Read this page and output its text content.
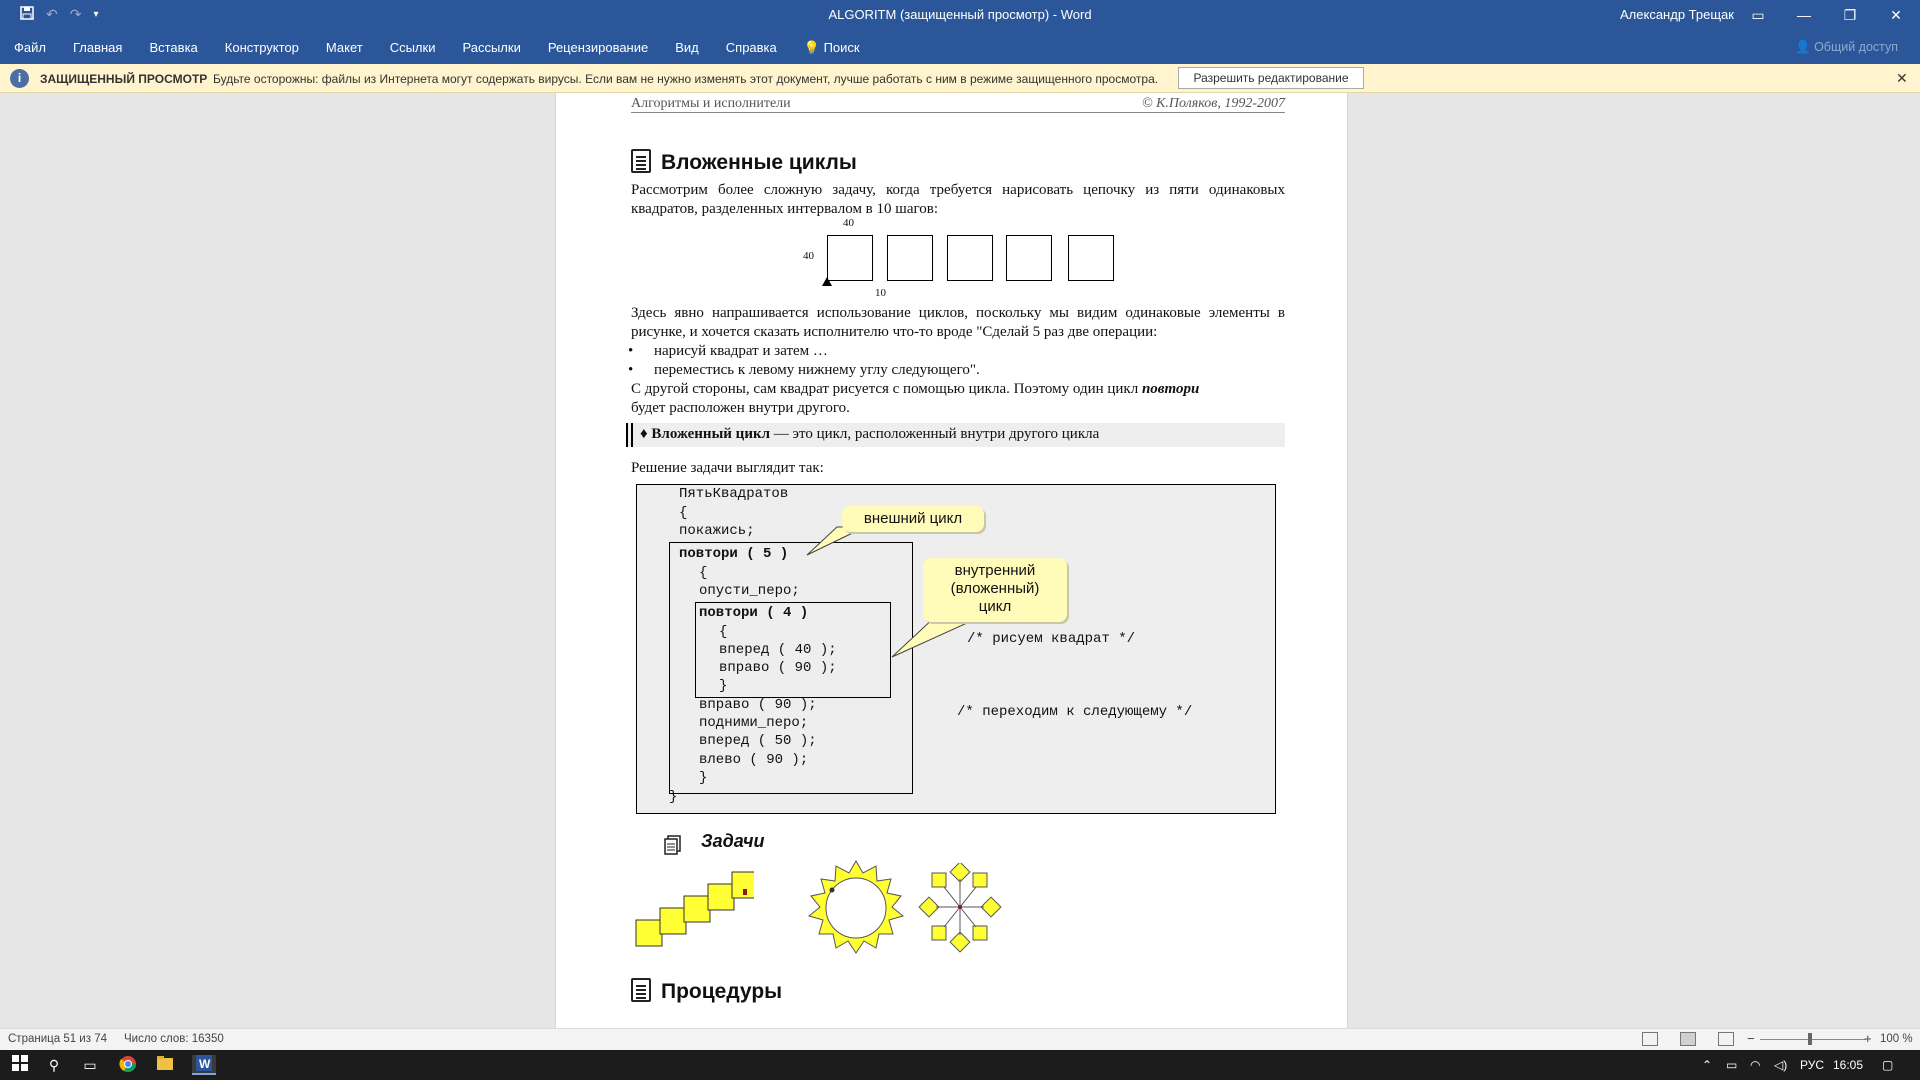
↶ ↷ ▾	ALGORITM (защищенный просмотр) - Word	Александр Трещак	▭	—	❐	✕
Файл Главная Вставка Конструктор Макет Ссылки Рассылки Рецензирование Вид Справка 💡 Поиск	👤 Общий доступ
i	ЗАЩИЩЕННЫЙ ПРОСМОТР Будьте осторожны: файлы из Интернета могут содержать вирусы. Если вам не нужно изменять этот документ, лучше работать с ним в режиме защищенного просмотра.	Разрешить редактирование	✕
Алгоритмы и исполнители	© К.Поляков, 1992-2007
Вложенные циклы
Рассмотрим более сложную задачу, когда требуется нарисовать цепочку из пяти одинаковых квадратов, разделенных интервалом в 10 шагов:
40
40
10
Здесь явно напрашивается использование циклов, поскольку мы видим одинаковые элементы в рисунке, и хочется сказать исполнителю что-то вроде "Сделай 5 раз две операции:
• нарисуй квадрат и затем …
• переместись к левому нижнему углу следующего".
С другой стороны, сам квадрат рисуется с помощью цикла. Поэтому один цикл повтори
будет расположен внутри другого.
♦ Вложенный цикл — это цикл, расположенный внутри другого цикла
Решение задачи выглядит так:
ПятьКвадратов
{
покажись;
повтори ( 5 )
{
опусти_перо;
повтори ( 4 )
{
вперед ( 40 );
вправо ( 90 );
}
вправо ( 90 );
подними_перо;
вперед ( 50 );
влево ( 90 );
}
}
/* рисуем квадрат */
/* переходим к следующему */
внешний цикл
внутренний
(вложенный)
цикл
Задачи
Процедуры
Страница 51 из 74 Число слов: 16350	−	+ 100 %
⚲	▭	W	⌃ ▭ ◠ ◁) РУС 16:05 ▢
